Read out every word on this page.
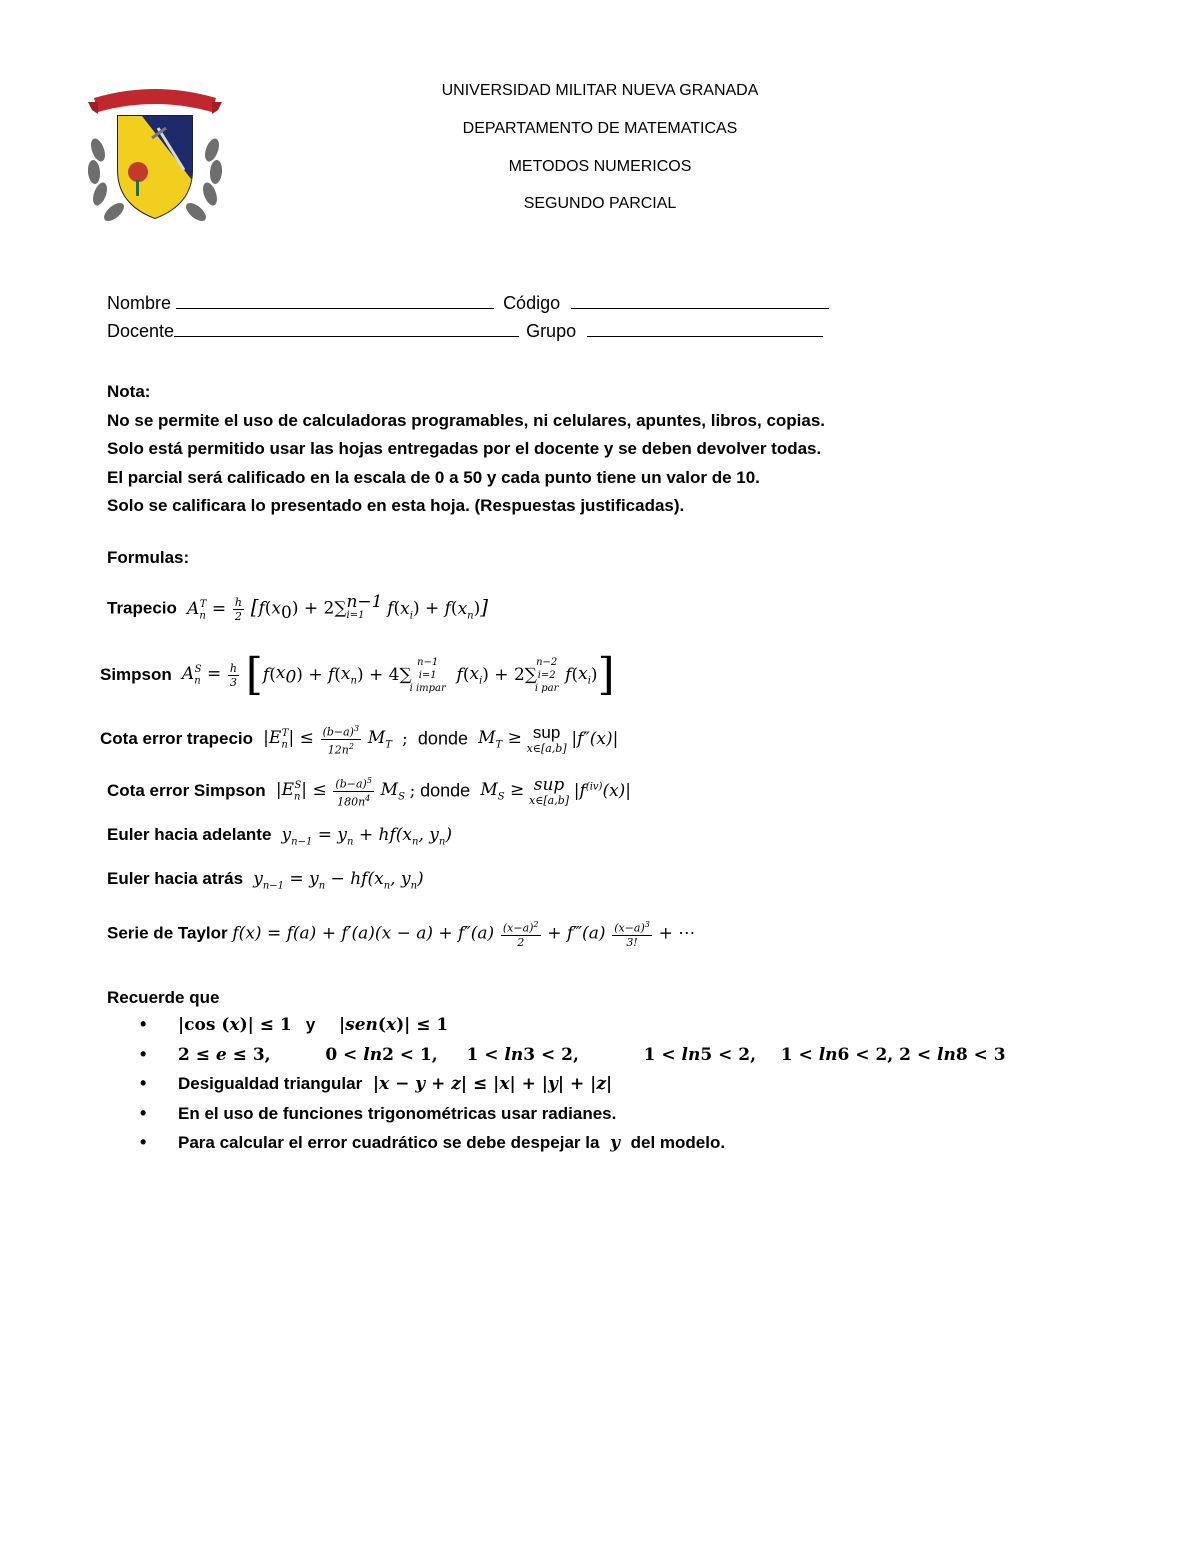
UNIVERSIDAD MILITAR NUEVA GRANADA
DEPARTAMENTO DE MATEMATICAS
METODOS NUMERICOS
SEGUNDO PARCIAL
Nombre	Código
Docente	Grupo
Nota:
No se permite el uso de calculadoras programables, ni celulares, apuntes, libros, copias.
Solo está permitido usar las hojas entregadas por el docente y se deben devolver todas.
El parcial será calificado en la escala de 0 a 50 y cada punto tiene un valor de 10.
Solo se calificara lo presentado en esta hoja. (Respuestas justificadas).
Formulas:
Trapecio  $A_n^T = \frac{h}{2} [f(x_0) + 2\sum_{i=1}^{n-1}$ $f(x_i) + f(x_n)$]
Simpson  $A_n^S = \frac{h}{3} [f(x_0) + f(x_n) + 4\sum$
n−1
i=1
i impar
$f(x_i) + 2\sum$
n−2
i=2
i par
$f(x_i)$]
Cota error trapecio  $|E_n^T| \le \frac{(b-a)^3}{12n^2} M_T$  ;  donde  $M_T$ ≥ sup
x∈[a,b] |f″(x)|
Cota error Simpson  $|E_n^S| \le \frac{(b-a)^5}{180n^4} M_S$ ; donde  $M_S$ ≥ sup
x∈[a,b] $|f^{(iv)}(x)|$
Euler hacia adelante  $y_{n-1} = y_n + hf(x_n$, $y_n$)
Euler hacia atrás  $y_{n-1} = y_n - hf(x_n$, $y_n$)
Serie de Taylor $f(x) = f(a) + f'(a)(x - a) + f''(a) \frac{(x-a)^2}{2}$ + f‴(a) $\frac{(x-a)^3}{3!}$ + ⋯
Recuerde que
• |cos (x)| ≤ 1 y |sen(x)| ≤ 1
• 2 ≤ e ≤ 3,	0 < ln2 < 1, 1 < ln3 < 2,	1 < ln5 < 2, 1 < ln6 < 2, 2 < ln8 < 3
• Desigualdad triangular  |x − y + z| ≤ |x| + |y| + |z|
• En el uso de funciones trigonométricas usar radianes.
• Para calcular el error cuadrático se debe despejar la  y  del modelo.
